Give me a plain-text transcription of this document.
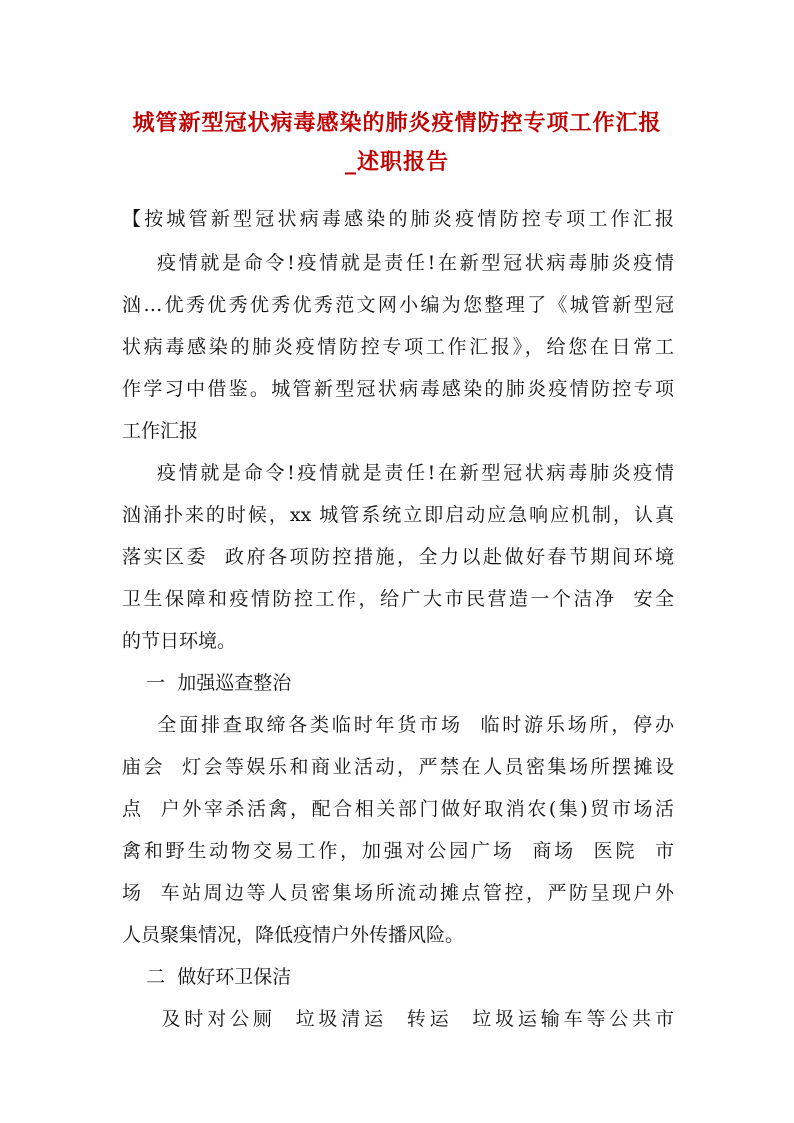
城管新型冠状病毒感染的肺炎疫情防控专项工作汇报
_述职报告
【按城管新型冠状病毒感染的肺炎疫情防控专项工作汇报
疫情就是命令!疫情就是责任!在新型冠状病毒肺炎疫情
汹…优秀优秀优秀优秀范文网小编为您整理了《城管新型冠
状病毒感染的肺炎疫情防控专项工作汇报》，给您在日常工
作学习中借鉴。城管新型冠状病毒感染的肺炎疫情防控专项
工作汇报
疫情就是命令!疫情就是责任!在新型冠状病毒肺炎疫情
汹涌扑来的时候，xx 城管系统立即启动应急响应机制，认真
落实区委  政府各项防控措施，全力以赴做好春节期间环境
卫生保障和疫情防控工作，给广大市民营造一个洁净  安全
的节日环境。
一  加强巡查整治
全面排查取缔各类临时年货市场  临时游乐场所，停办
庙会  灯会等娱乐和商业活动，严禁在人员密集场所摆摊设
点  户外宰杀活禽，配合相关部门做好取消农(集)贸市场活
禽和野生动物交易工作，加强对公园广场  商场  医院  市
场  车站周边等人员密集场所流动摊点管控，严防呈现户外
人员聚集情况，降低疫情户外传播风险。
二  做好环卫保洁
及时对公厕  垃圾清运  转运  垃圾运输车等公共市
